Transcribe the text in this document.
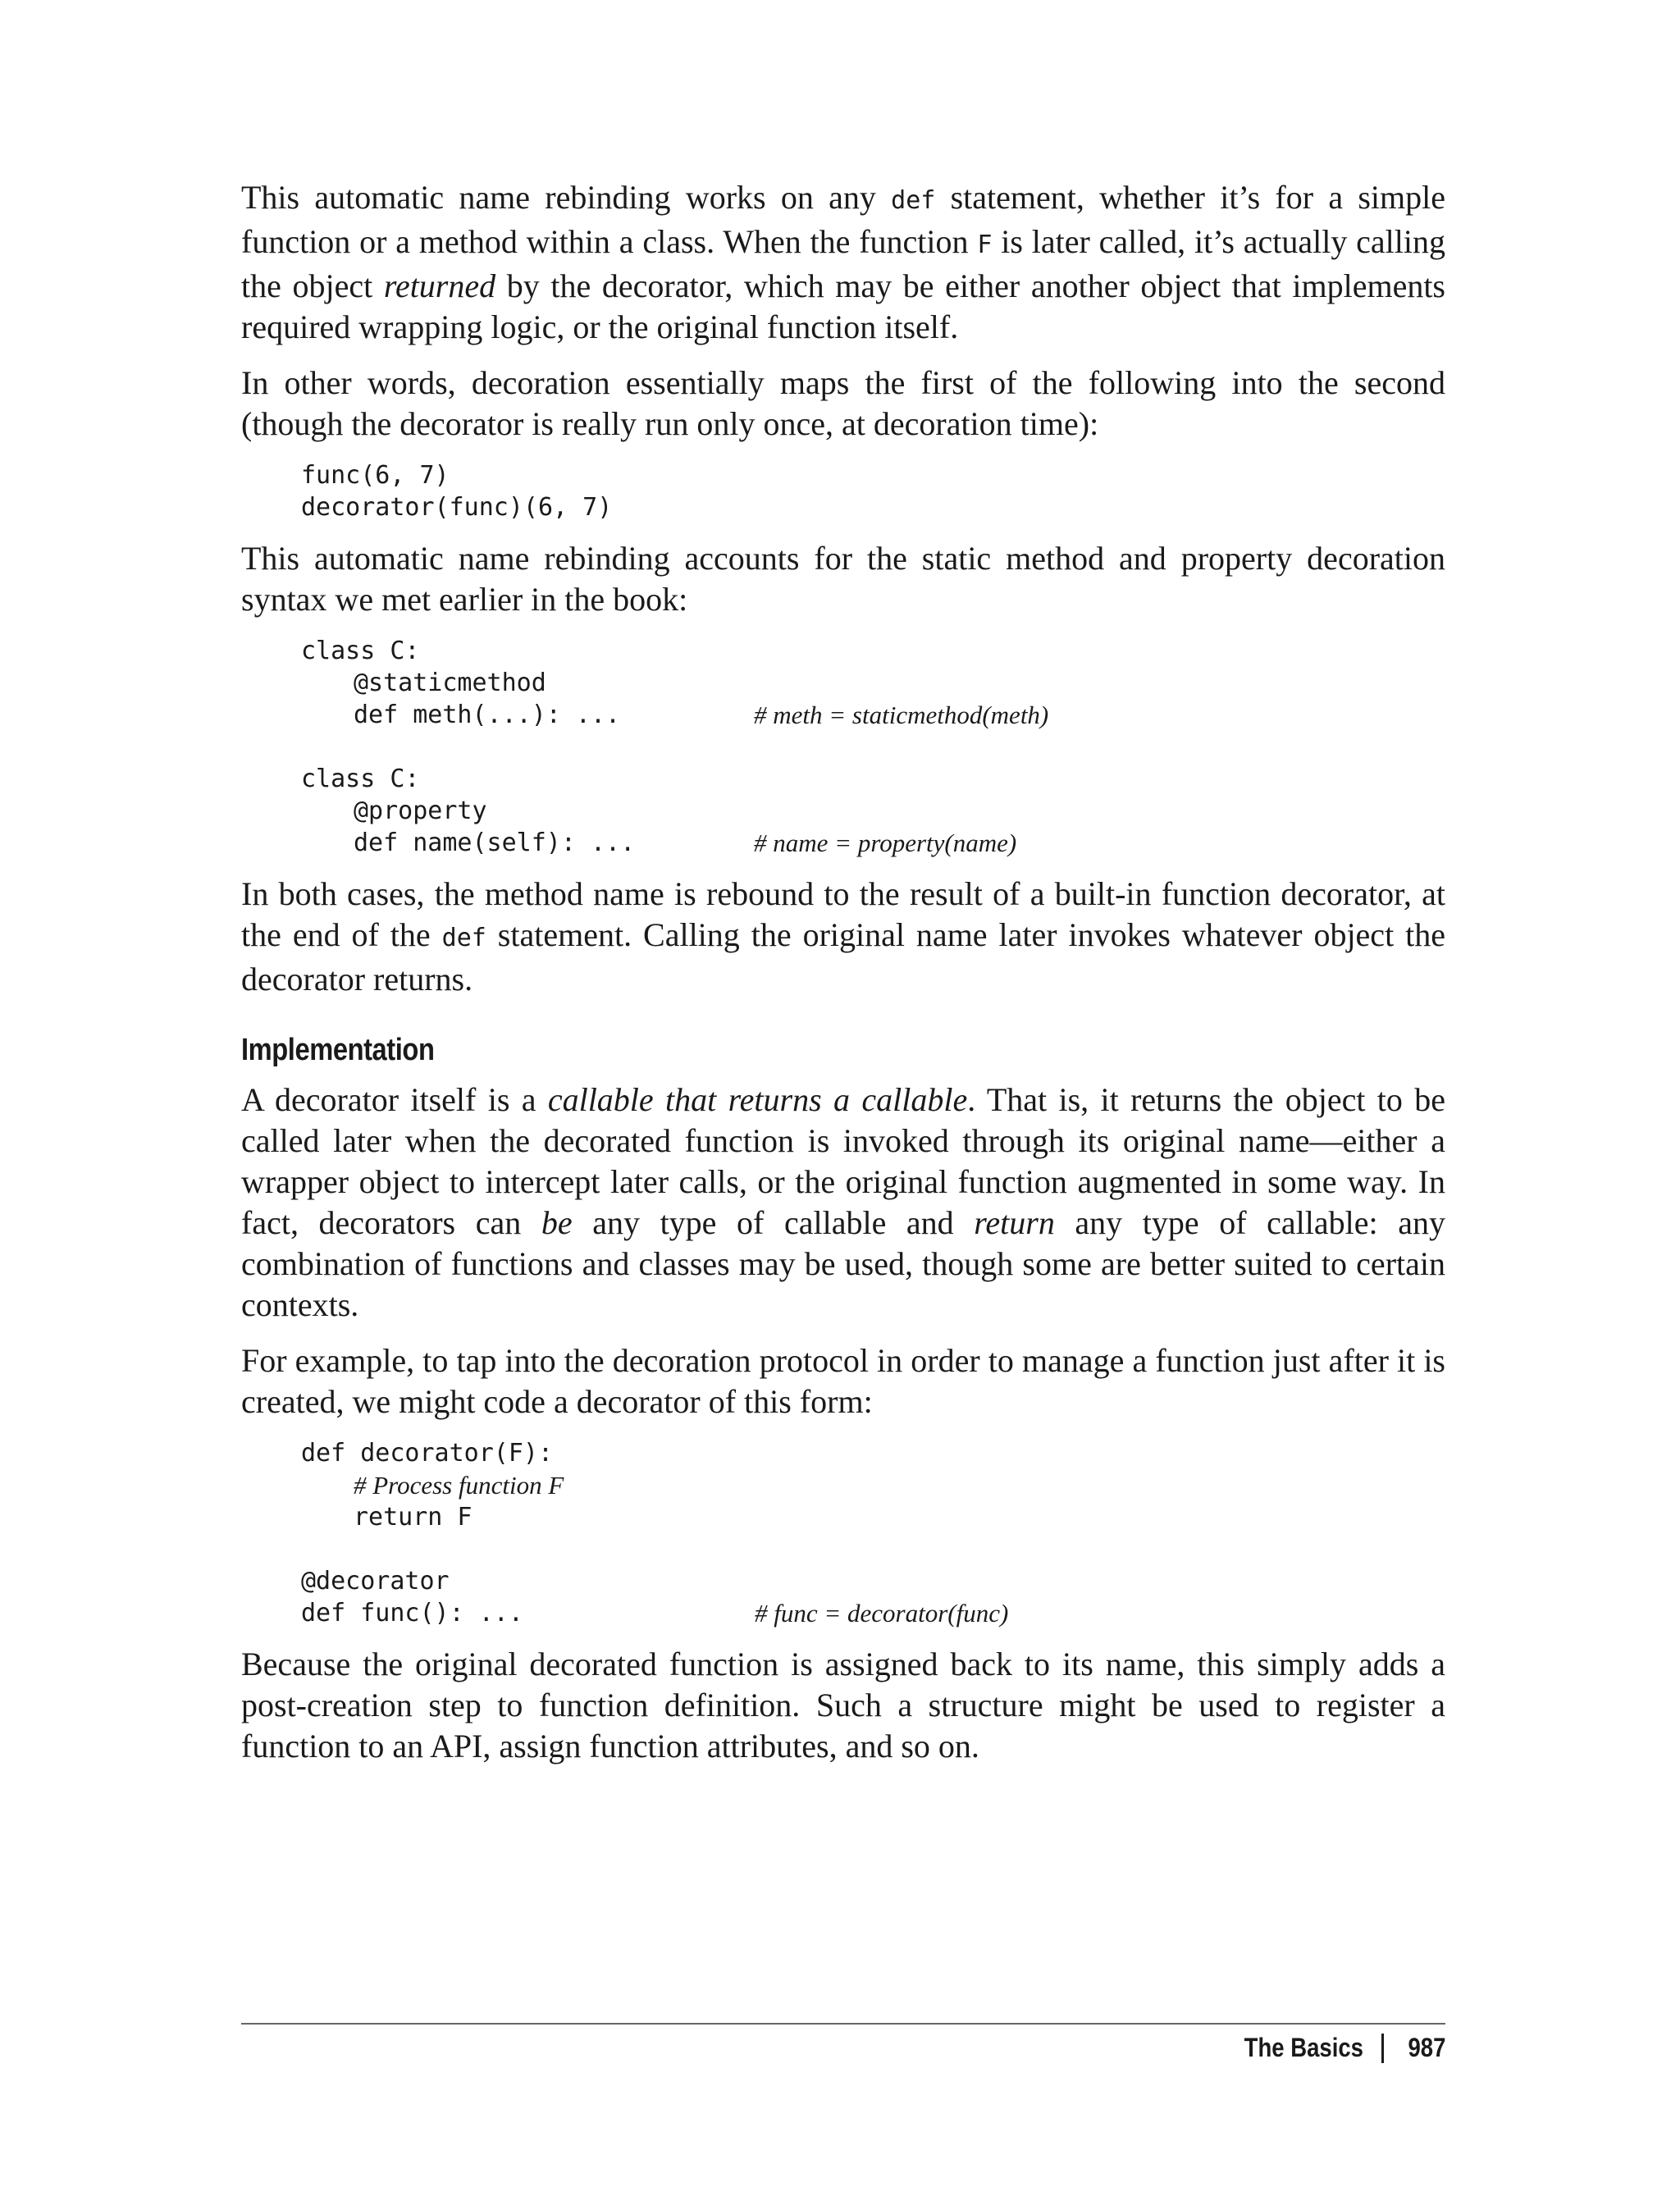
This automatic name rebinding works on any def statement, whether it’s for a simple function or a method within a class. When the function F is later called, it’s actually calling the object returned by the decorator, which may be either another object that implements required wrapping logic, or the original function itself.

In other words, decoration essentially maps the first of the following into the second (though the decorator is really run only once, at decoration time):

func(6, 7)
decorator(func)(6, 7)

This automatic name rebinding accounts for the static method and property decoration syntax we met earlier in the book:

class C:
@staticmethod
def meth(...): ...	# meth = staticmethod(meth)
class C:
@property
def name(self): ...	# name = property(name)

In both cases, the method name is rebound to the result of a built-in function decorator, at the end of the def statement. Calling the original name later invokes whatever object the decorator returns.

Implementation

A decorator itself is a callable that returns a callable. That is, it returns the object to be called later when the decorated function is invoked through its original name—either a wrapper object to intercept later calls, or the original function augmented in some way. In fact, decorators can be any type of callable and return any type of callable: any combination of functions and classes may be used, though some are better suited to certain contexts.

For example, to tap into the decoration protocol in order to manage a function just after it is created, we might code a decorator of this form:

def decorator(F):
# Process function F
return F
@decorator
def func(): ...	# func = decorator(func)

Because the original decorated function is assigned back to its name, this simply adds a post-creation step to function definition. Such a structure might be used to register a function to an API, assign function attributes, and so on.

The Basics 987
